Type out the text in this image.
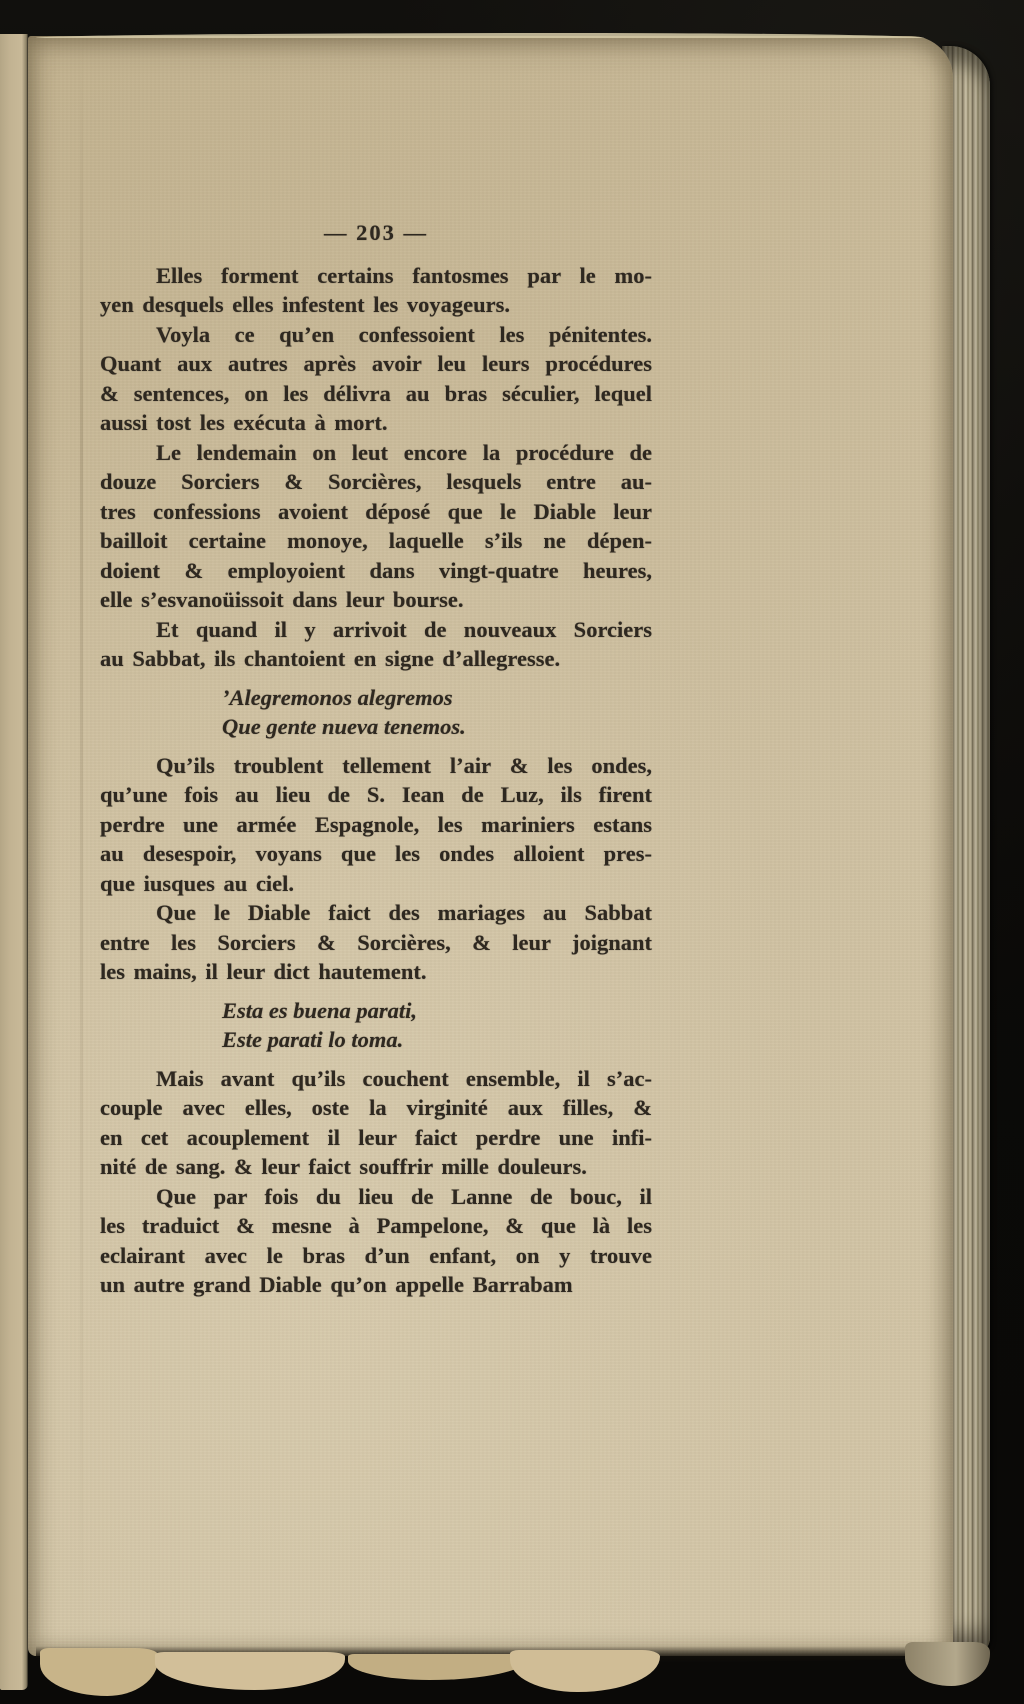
— 203 —
Elles forment certains fantosmes par le mo-
yen desquels elles infestent les voyageurs.
Voyla ce qu’en confessoient les pénitentes.
Quant aux autres après avoir leu leurs procédures
& sentences, on les délivra au bras séculier, lequel
aussi tost les exécuta à mort.
Le lendemain on leut encore la procédure de
douze Sorciers & Sorcières, lesquels entre au-
tres confessions avoient déposé que le Diable leur
bailloit certaine monoye, laquelle s’ils ne dépen-
doient & employoient dans vingt-quatre heures,
elle s’esvanoüissoit dans leur bourse.
Et quand il y arrivoit de nouveaux Sorciers
au Sabbat, ils chantoient en signe d’allegresse.
’Alegremonos alegremos
Que gente nueva tenemos.
Qu’ils troublent tellement l’air & les ondes,
qu’une fois au lieu de S. Iean de Luz, ils firent
perdre une armée Espagnole, les mariniers estans
au desespoir, voyans que les ondes alloient pres-
que iusques au ciel.
Que le Diable faict des mariages au Sabbat
entre les Sorciers & Sorcières, & leur joignant
les mains, il leur dict hautement.
Esta es buena parati,
Este parati lo toma.
Mais avant qu’ils couchent ensemble, il s’ac-
couple avec elles, oste la virginité aux filles, &
en cet acouplement il leur faict perdre une infi-
nité de sang. & leur faict souffrir mille douleurs.
Que par fois du lieu de Lanne de bouc, il
les traduict & mesne à Pampelone, & que là les
eclairant avec le bras d’un enfant, on y trouve
un autre grand Diable qu’on appelle Barrabam
